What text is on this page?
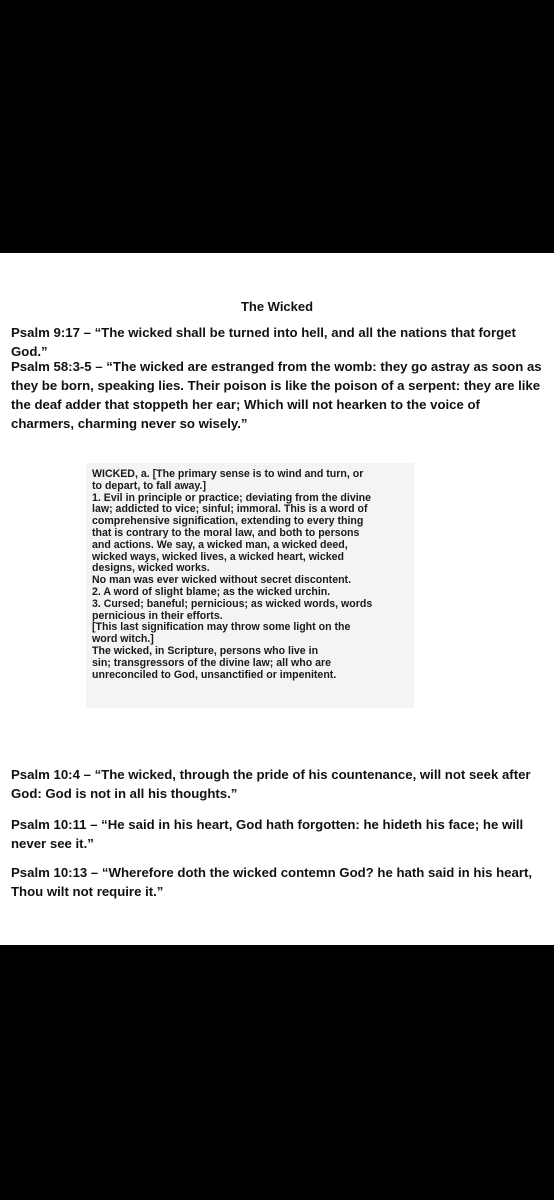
The Wicked
Psalm 9:17 – “The wicked shall be turned into hell, and all the nations that forget God.”
Psalm 58:3-5 – “The wicked are estranged from the womb: they go astray as soon as they be born, speaking lies. Their poison is like the poison of a serpent: they are like the deaf adder that stoppeth her ear; Which will not hearken to the voice of charmers, charming never so wisely.”
WICKED, a. [The primary sense is to wind and turn, or
to depart, to fall away.]
1. Evil in principle or practice; deviating from the divine
law; addicted to vice; sinful; immoral. This is a word of
comprehensive signification, extending to every thing
that is contrary to the moral law, and both to persons
and actions. We say, a wicked man, a wicked deed,
wicked ways, wicked lives, a wicked heart, wicked
designs, wicked works.
No man was ever wicked without secret discontent.
2. A word of slight blame; as the wicked urchin.
3. Cursed; baneful; pernicious; as wicked words, words
pernicious in their efforts.
[This last signification may throw some light on the
word witch.]
The wicked, in Scripture, persons who live in
sin; transgressors of the divine law; all who are
unreconciled to God, unsanctified or impenitent.
Psalm 10:4 – “The wicked, through the pride of his countenance, will not seek after God: God is not in all his thoughts.”
Psalm 10:11 – “He said in his heart, God hath forgotten: he hideth his face; he will never see it.”
Psalm 10:13 – “Wherefore doth the wicked contemn God? he hath said in his heart, Thou wilt not require it.”
